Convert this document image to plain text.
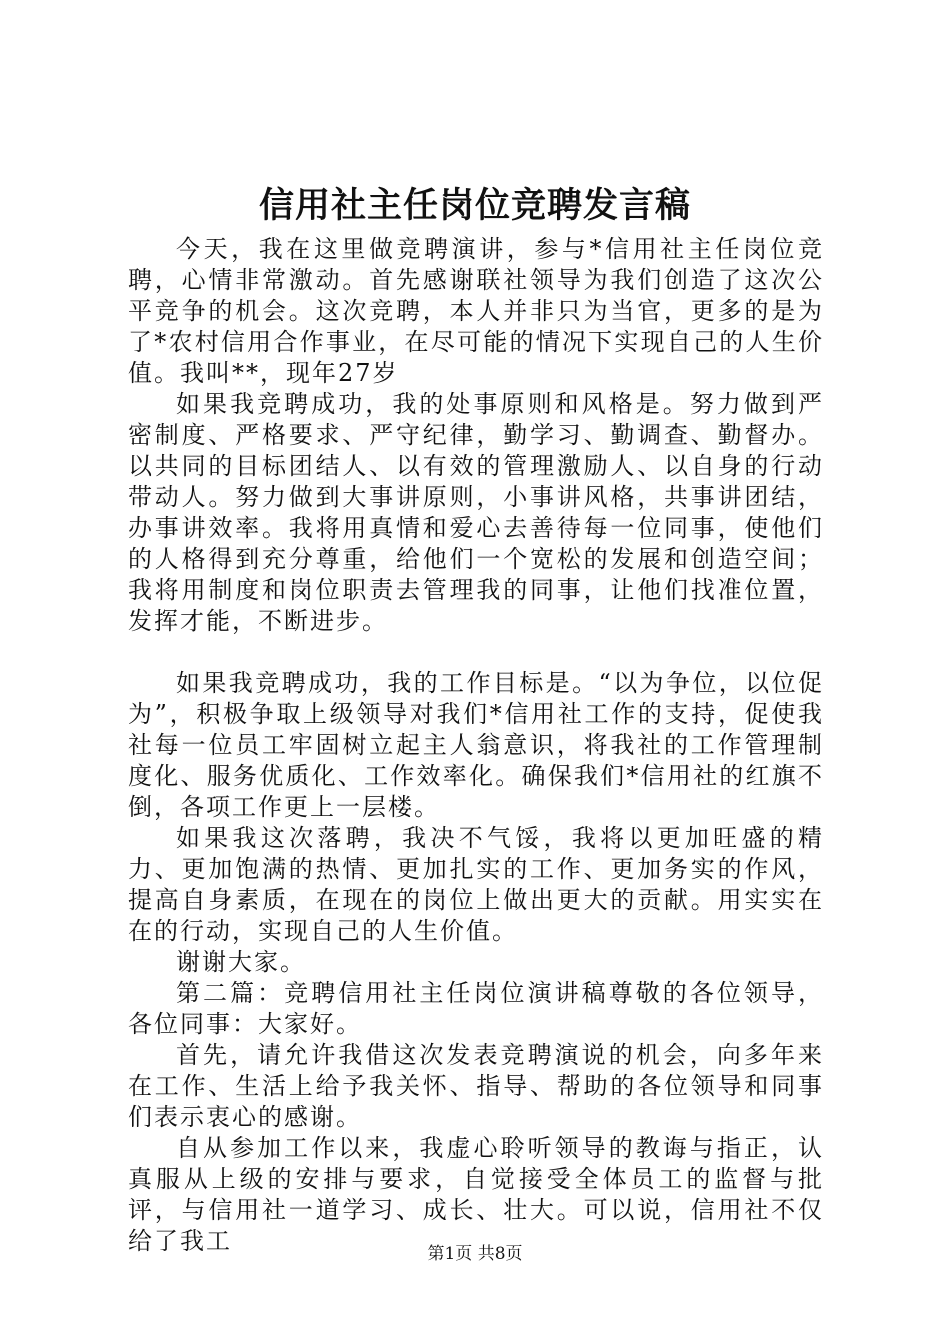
信用社主任岗位竞聘发言稿

今天，我在这里做竞聘演讲，参与*信用社主任岗位竞聘，心情非常激动。首先感谢联社领导为我们创造了这次公平竞争的机会。这次竞聘，本人并非只为当官，更多的是为了*农村信用合作事业，在尽可能的情况下实现自己的人生价值。我叫**，现年27岁

如果我竞聘成功，我的处事原则和风格是。努力做到严密制度、严格要求、严守纪律，勤学习、勤调查、勤督办。以共同的目标团结人、以有效的管理激励人、以自身的行动带动人。努力做到大事讲原则，小事讲风格，共事讲团结，办事讲效率。我将用真情和爱心去善待每一位同事，使他们的人格得到充分尊重，给他们一个宽松的发展和创造空间；我将用制度和岗位职责去管理我的同事，让他们找准位置，发挥才能，不断进步。

如果我竞聘成功，我的工作目标是。“以为争位，以位促为”，积极争取上级领导对我们*信用社工作的支持，促使我社每一位员工牢固树立起主人翁意识，将我社的工作管理制度化、服务优质化、工作效率化。确保我们*信用社的红旗不倒，各项工作更上一层楼。

如果我这次落聘，我决不气馁，我将以更加旺盛的精力、更加饱满的热情、更加扎实的工作、更加务实的作风，提高自身素质，在现在的岗位上做出更大的贡献。用实实在在的行动，实现自己的人生价值。

谢谢大家。

第二篇：竞聘信用社主任岗位演讲稿尊敬的各位领导，各位同事：大家好。

首先，请允许我借这次发表竞聘演说的机会，向多年来在工作、生活上给予我关怀、指导、帮助的各位领导和同事们表示衷心的感谢。

自从参加工作以来，我虚心聆听领导的教诲与指正，认真服从上级的安排与要求，自觉接受全体员工的监督与批评，与信用社一道学习、成长、壮大。可以说，信用社不仅给了我工	第1页 共8页
